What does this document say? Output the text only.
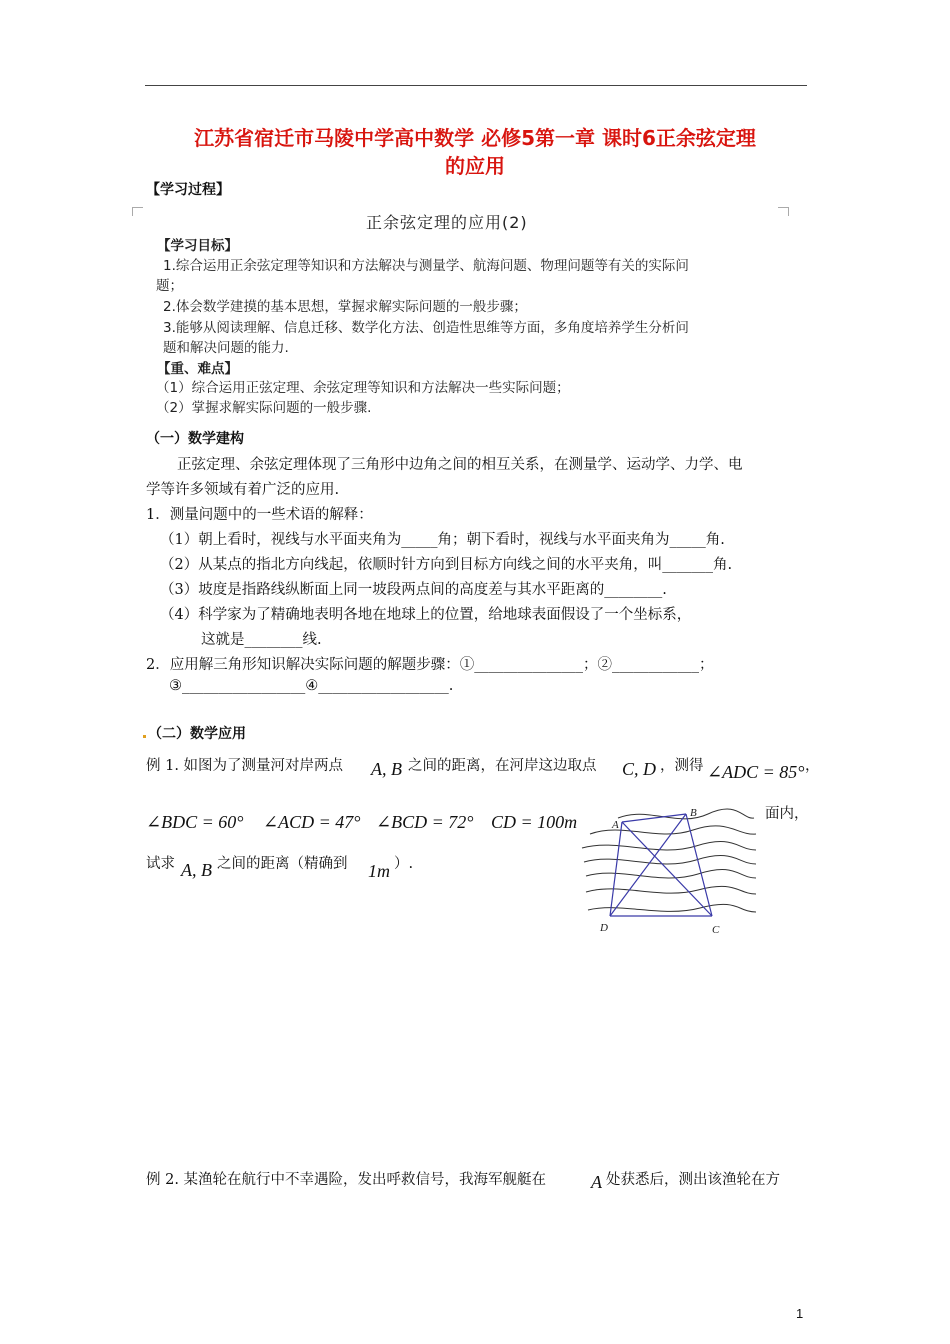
江苏省宿迁市马陵中学高中数学 必修5第一章 课时6正余弦定理
的应用
【学习过程】
正余弦定理的应用(2)
【学习目标】
1.综合运用正余弦定理等知识和方法解决与测量学、航海问题、物理问题等有关的实际问
题；
2.体会数学建摸的基本思想，掌握求解实际问题的一般步骤；
3.能够从阅读理解、信息迁移、数学化方法、创造性思维等方面，多角度培养学生分析问
题和解决问题的能力.
【重、难点】
（1）综合运用正弦定理、余弦定理等知识和方法解决一些实际问题；
（2）掌握求解实际问题的一般步骤.
（一）数学建构
正弦定理、余弦定理体现了三角形中边角之间的相互关系，在测量学、运动学、力学、电
学等许多领域有着广泛的应用.
1．测量问题中的一些术语的解释：
（1）朝上看时，视线与水平面夹角为_____角；朝下看时，视线与水平面夹角为_____角.
（2）从某点的指北方向线起，依顺时针方向到目标方向线之间的水平夹角，叫_______角.
（3）坡度是指路线纵断面上同一坡段两点间的高度差与其水平距离的________.
（4）科学家为了精确地表明各地在地球上的位置，给地球表面假设了一个坐标系，
这就是________线.
2．应用解三角形知识解决实际问题的解题步骤：①_______________；②____________；
③_________________④__________________.
（二）数学应用
例 1. 如图为了测量河对岸两点 A, B 之间的距离，在河岸这边取点 C, D ，测得 ∠ADC = 85° ，
∠BDC = 60° ∠ACD = 47° ∠BCD = 72° CD = 100m	面内，
试求 A, B 之间的距离（精确到 1m ）.
A
B
D	C
例 2. 某渔轮在航行中不幸遇险，发出呼救信号，我海军舰艇在 A 处获悉后，测出该渔轮在方
1
